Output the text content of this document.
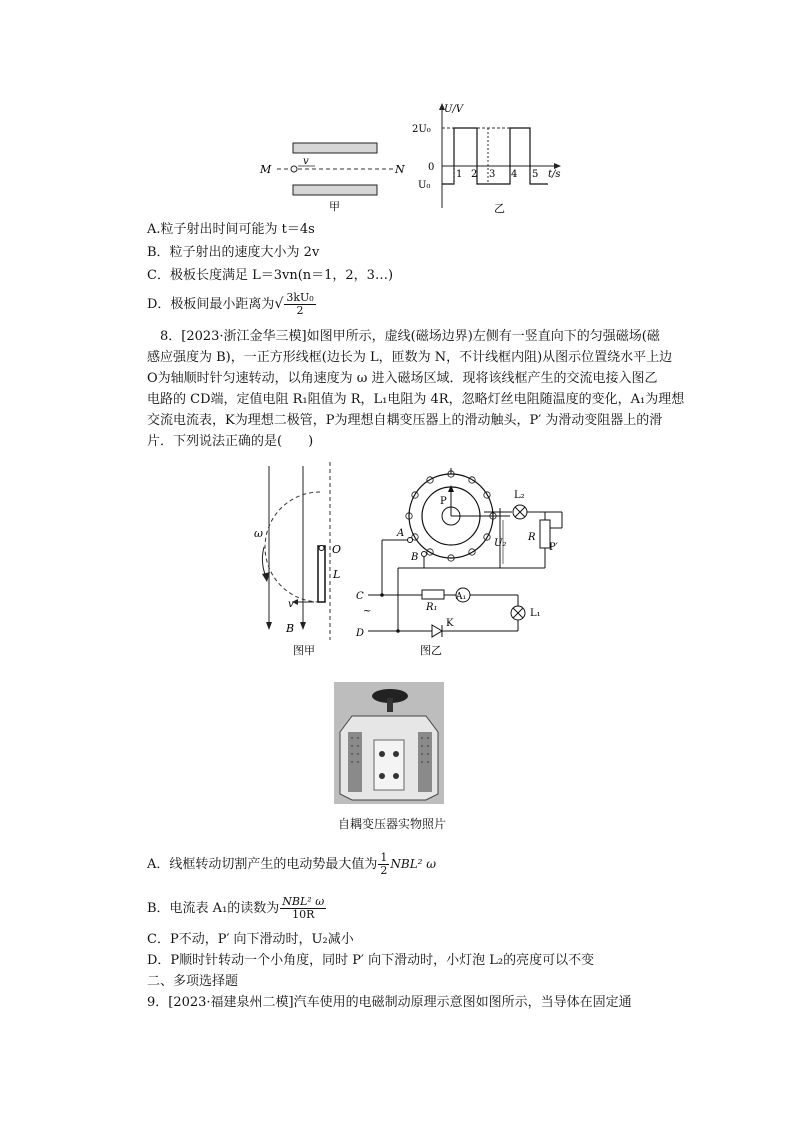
v
M	N
甲
U/V
2U₀
0
U₀
1 2 3 4 5 t/s
乙
A.粒子射出时间可能为 t＝4s
B．粒子射出的速度大小为 2v
C．极板长度满足 L＝3vn(n＝1，2，3…)
D．极板间最小距离为√ $\frac{\text{3kU₀}}{2}$
8．[2023·浙江金华三模]如图甲所示，虚线(磁场边界)左侧有一竖直向下的匀强磁场(磁
感应强度为 B)，一正方形线框(边长为 L，匝数为 N，不计线框内阻)从图示位置绕水平上边
O为轴顺时针匀速转动，以角速度为 ω 进入磁场区域．现将该线框产生的交流电接入图乙
电路的 CD端，定值电阻 R₁阻值为 R，L₁电阻为 4R，忽略灯丝电阻随温度的变化，A₁为理想
交流电流表，K为理想二极管，P为理想自耦变压器上的滑动触头，P′ 为滑动变阻器上的滑
片．下列说法正确的是(　　)
ω
O
L
v
B
图甲
P
L₂
R
P′
U₂
A
B
C
~
D
R₁
A₁
L₁
K
图乙
自耦变压器实物照片
A．线框转动切割产生的电动势最大值为 $\frac{1}{2} NBL^2$ ω
B．电流表 A₁的读数为 $\frac{\text{NBL² ω}}{10R}$
C．P不动，P′ 向下滑动时，U₂减小
D．P顺时针转动一个小角度，同时 P′ 向下滑动时，小灯泡 L₂的亮度可以不变
二、多项选择题
9．[2023·福建泉州二模]汽车使用的电磁制动原理示意图如图所示，当导体在固定通
